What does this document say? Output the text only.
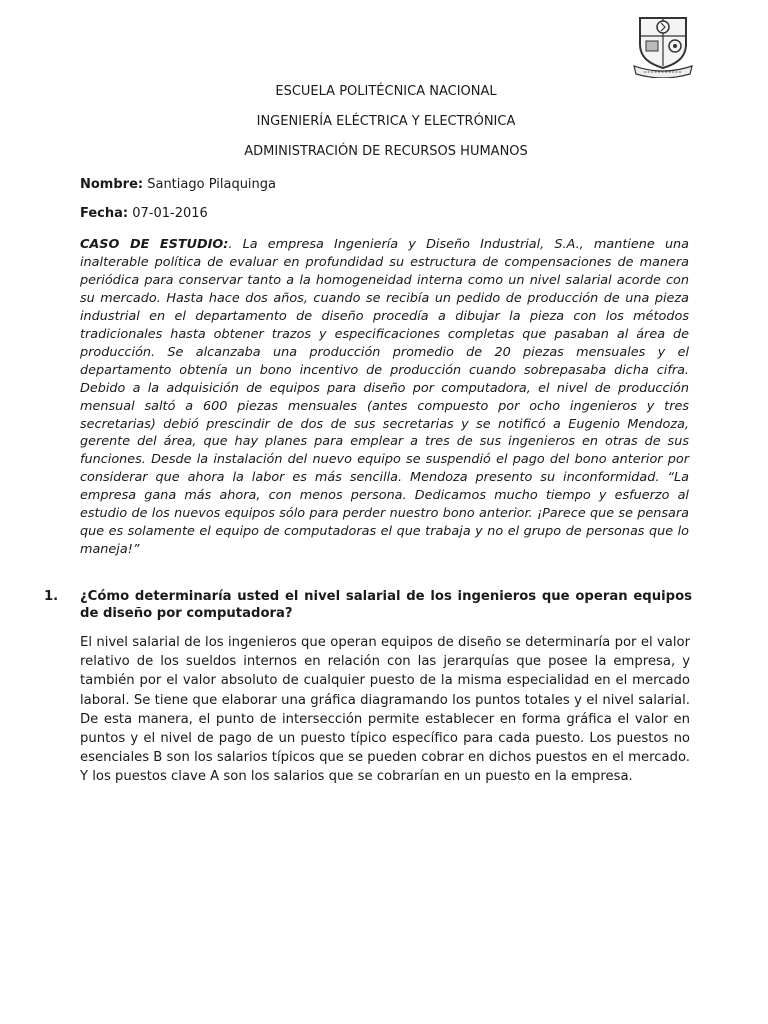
ESCUELA POLITÉCNICA NACIONAL

INGENIERÍA ELÉCTRICA Y ELECTRÓNICA

ADMINISTRACIÓN DE RECURSOS HUMANOS

Nombre: Santiago Pilaquinga
Fecha: 07-01-2016

CASO DE ESTUDIO:. La empresa Ingeniería y Diseño Industrial, S.A., mantiene una inalterable política de evaluar en profundidad su estructura de compensaciones de manera periódica para conservar tanto a la homogeneidad interna como un nivel salarial acorde con su mercado. Hasta hace dos años, cuando se recibía un pedido de producción de una pieza industrial en el departamento de diseño procedía a dibujar la pieza con los métodos tradicionales hasta obtener trazos y especificaciones completas que pasaban al área de producción. Se alcanzaba una producción promedio de 20 piezas mensuales y el departamento obtenía un bono incentivo de producción cuando sobrepasaba dicha cifra. Debido a la adquisición de equipos para diseño por computadora, el nivel de producción mensual saltó a 600 piezas mensuales (antes compuesto por ocho ingenieros y tres secretarias) debió prescindir de dos de sus secretarias y se notificó a Eugenio Mendoza, gerente del área, que hay planes para emplear a tres de sus ingenieros en otras de sus funciones. Desde la instalación del nuevo equipo se suspendió el pago del bono anterior por considerar que ahora la labor es más sencilla. Mendoza presento su inconformidad. “La empresa gana más ahora, con menos persona. Dedicamos mucho tiempo y esfuerzo al estudio de los nuevos equipos sólo para perder nuestro bono anterior. ¡Parece que se pensara que es solamente el equipo de computadoras el que trabaja y no el grupo de personas que lo maneja!”

1.	¿Cómo determinaría usted el nivel salarial de los ingenieros que operan equipos de diseño por computadora?

El nivel salarial de los ingenieros que operan equipos de diseño se determinaría por el valor relativo de los sueldos internos en relación con las jerarquías que posee la empresa, y también por el valor absoluto de cualquier puesto de la misma especialidad en el mercado laboral. Se tiene que elaborar una gráfica diagramando los puntos totales y el nivel salarial. De esta manera, el punto de intersección permite establecer en forma gráfica el valor en puntos y el nivel de pago de un puesto típico específico para cada puesto. Los puestos no esenciales B son los salarios típicos que se pueden cobrar en dichos puestos en el mercado. Y los puestos clave A son los salarios que se cobrarían en un puesto en la empresa.
